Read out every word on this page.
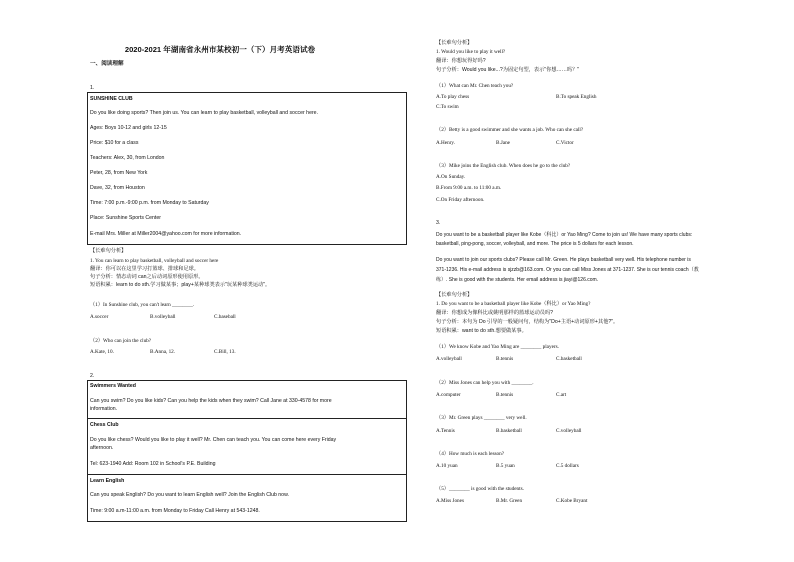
2020-2021 年湖南省永州市某校初一（下）月考英语试卷
一、阅读理解
1.
SUNSHINE CLUB
Do you like doing sports? Then join us. You can learn to play basketball, volleyball and soccer here.
Ages: Boys 10-12 and girls 12-15
Price: $10 for a class
Teachers: Alex, 30, from London
Peter, 28, from New York
Dave, 32, from Houston
Time: 7:00 p.m.-9:00 p.m. from Monday to Saturday
Place: Sunshine Sports Center
E-mail Mrs. Miller at Miller2004@yahoo.com for more information.
【长难句分析】
1. You can learn to play basketball, volleyball and soccer here
翻译：你可以在这里学习打篮球、排球和足球。
句子分析：情态动词 can之后动词原形使用原形。
短语积累：learn to do sth.学习做某事；play+某种球类表示"玩某种球类运动"。
（1）In Sunshine club, you can't learn ________.
A.soccer	B.volleyball	C.baseball
（2）Who can join the club?
A.Kate, 10.	B.Anna, 12.	C.Bill, 13.
2.
Swimmers Wanted
Can you swim? Do you like kids? Can you help the kids when they swim? Call Jane at 330-4578 for more
information.
Chess Club
Do you like chess? Would you like to play it well? Mr. Chen can teach you. You can come here every Friday
afternoon.
Tel: 623-1940 Add: Room 102 in School's P.E. Building
Learn English
Can you speak English? Do you want to learn English well? Join the English Club now.
Time: 9:00 a.m-11:00 a.m. from Monday to Friday Call Henry at 543-1248.
【长难句分析】
1. Would you like to play it well?
翻译：你想玩得好吗?
句子分析：Would you like...?为固定句型，表示"你想……吗？"
（1）What can Mr. Chen teach you?
A.To play chess	B.To speak English
C.To swim
（2）Betty is a good swimmer and she wants a job. Who can she call?
A.Henry.	B.Jane	C.Victor
（3）Mike joins the English club. When does he go to the club?
A.On Sunday.
B.From 9:00 a.m. to 11:00 a.m.
C.On Friday afternoon.
3.
Do you want to be a basketball player like Kobe（科比）or Yao Ming? Come to join us! We have many sports clubs:
basketball, ping-pong, soccer, volleyball, and more. The price is 5 dollars for each lesson.
Do you want to join our sports clubs? Please call Mr. Green. He plays basketball very well. His telephone number is
371-1236. His e-mail address is sjzzb@163.com. Or you can call Miss Jones at 371-1237. She is our tennis coach（教
练）. She is good with the students. Her email address is jiayi@126.com.
【长难句分析】
1. Do you want to be a basketball player like Kobe（科比）or Yao Ming?
翻译：你想成为像科比或姚明那样的篮球运动员吗?
句子分析：本句为 Do 引导的一般疑问句，结构为"Do+主语+动词原形+其他?"。
短语积累：want to do sth.想要做某事。
（1）We know Kobe and Yao Ming are ________ players.
A.volleyball	B.tennis	C.basketball
（2）Miss Jones can help you with ________.
A.computer	B.tennis	C.art
（3）Mr. Green plays ________ very well.
A.Tennis	B.basketball	C.volleyball
（4）How much is each lesson?
A.10 yuan	B.5 yuan	C.5 dollars
（5）________ is good with the students.
A.Miss Jones	B.Mr. Green	C.Kobe Bryant
